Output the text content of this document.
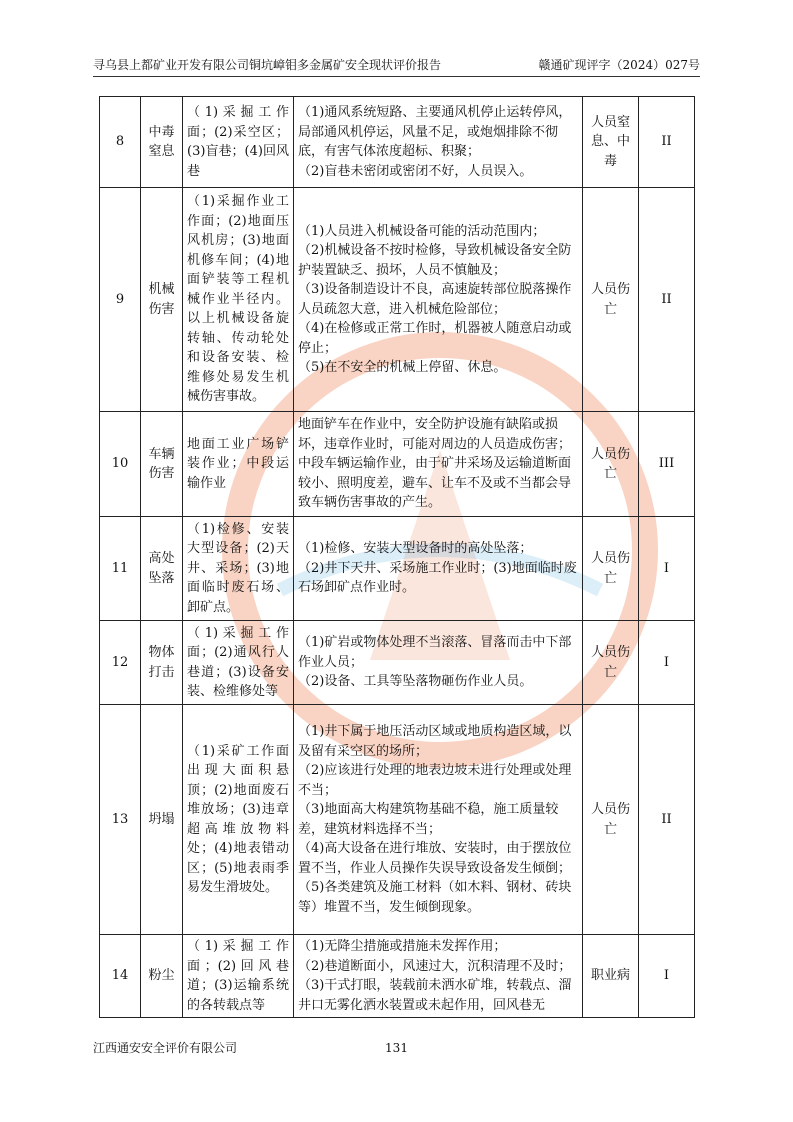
寻乌县上都矿业开发有限公司铜坑嶂钼多金属矿安全现状评价报告	赣通矿现评字（2024）027号
8	中毒窒息	（1)采掘工作面；(2)采空区；(3)盲巷；(4)回风巷	（1)通风系统短路、主要通风机停止运转停风，局部通风机停运，风量不足，或炮烟排除不彻底，有害气体浓度超标、积聚；
（2)盲巷未密闭或密闭不好，人员误入。	人员窒息、中毒	II
9	机械伤害	（1)采掘作业工作面；(2)地面压风机房；(3)地面机修车间；(4)地面铲装等工程机械作业半径内。以上机械设备旋转轴、传动轮处和设备安装、检维修处易发生机械伤害事故。	（1)人员进入机械设备可能的活动范围内；
（2)机械设备不按时检修，导致机械设备安全防护装置缺乏、损坏，人员不慎触及；
（3)设备制造设计不良，高速旋转部位脱落操作人员疏忽大意，进入机械危险部位；
（4)在检修或正常工作时，机器被人随意启动或停止；
（5)在不安全的机械上停留、休息。	人员伤亡	II
10	车辆伤害	地面工业广场铲装作业；中段运输作业	地面铲车在作业中，安全防护设施有缺陷或损坏，违章作业时，可能对周边的人员造成伤害；中段车辆运输作业，由于矿井采场及运输道断面较小、照明度差，避车、让车不及或不当都会导致车辆伤害事故的产生。	人员伤亡	III
11	高处坠落	（1)检修、安装大型设备；(2)天井、采场；(3)地面临时废石场、卸矿点。	（1)检修、安装大型设备时的高处坠落；
（2)井下天井、采场施工作业时；(3)地面临时废石场卸矿点作业时。	人员伤亡	I
12	物体打击	（1)采掘工作面；(2)通风行人巷道；(3)设备安装、检维修处等	（1)矿岩或物体处理不当滚落、冒落而击中下部作业人员；
（2)设备、工具等坠落物砸伤作业人员。	人员伤亡	I
13	坍塌	（1)采矿工作面出现大面积悬顶；(2)地面废石堆放场；(3)违章超高堆放物料处；(4)地表错动区；(5)地表雨季易发生滑坡处。	（1)井下属于地压活动区域或地质构造区域，以及留有采空区的场所；
（2)应该进行处理的地表边坡未进行处理或处理不当；
（3)地面高大构建筑物基础不稳，施工质量较差，建筑材料选择不当；
（4)高大设备在进行堆放、安装时，由于摆放位置不当，作业人员操作失误导致设备发生倾倒；
（5)各类建筑及施工材料（如木料、钢材、砖块等）堆置不当，发生倾倒现象。	人员伤亡	II
14	粉尘	（1)采掘工作面；(2)回风巷道；(3)运输系统的各转载点等	（1)无降尘措施或措施未发挥作用；
（2)巷道断面小，风速过大，沉积清理不及时；
（3)干式打眼，装载前未洒水矿堆，转载点、溜井口无雾化洒水装置或未起作用，回风巷无	职业病	I
江西通安安全评价有限公司	131
